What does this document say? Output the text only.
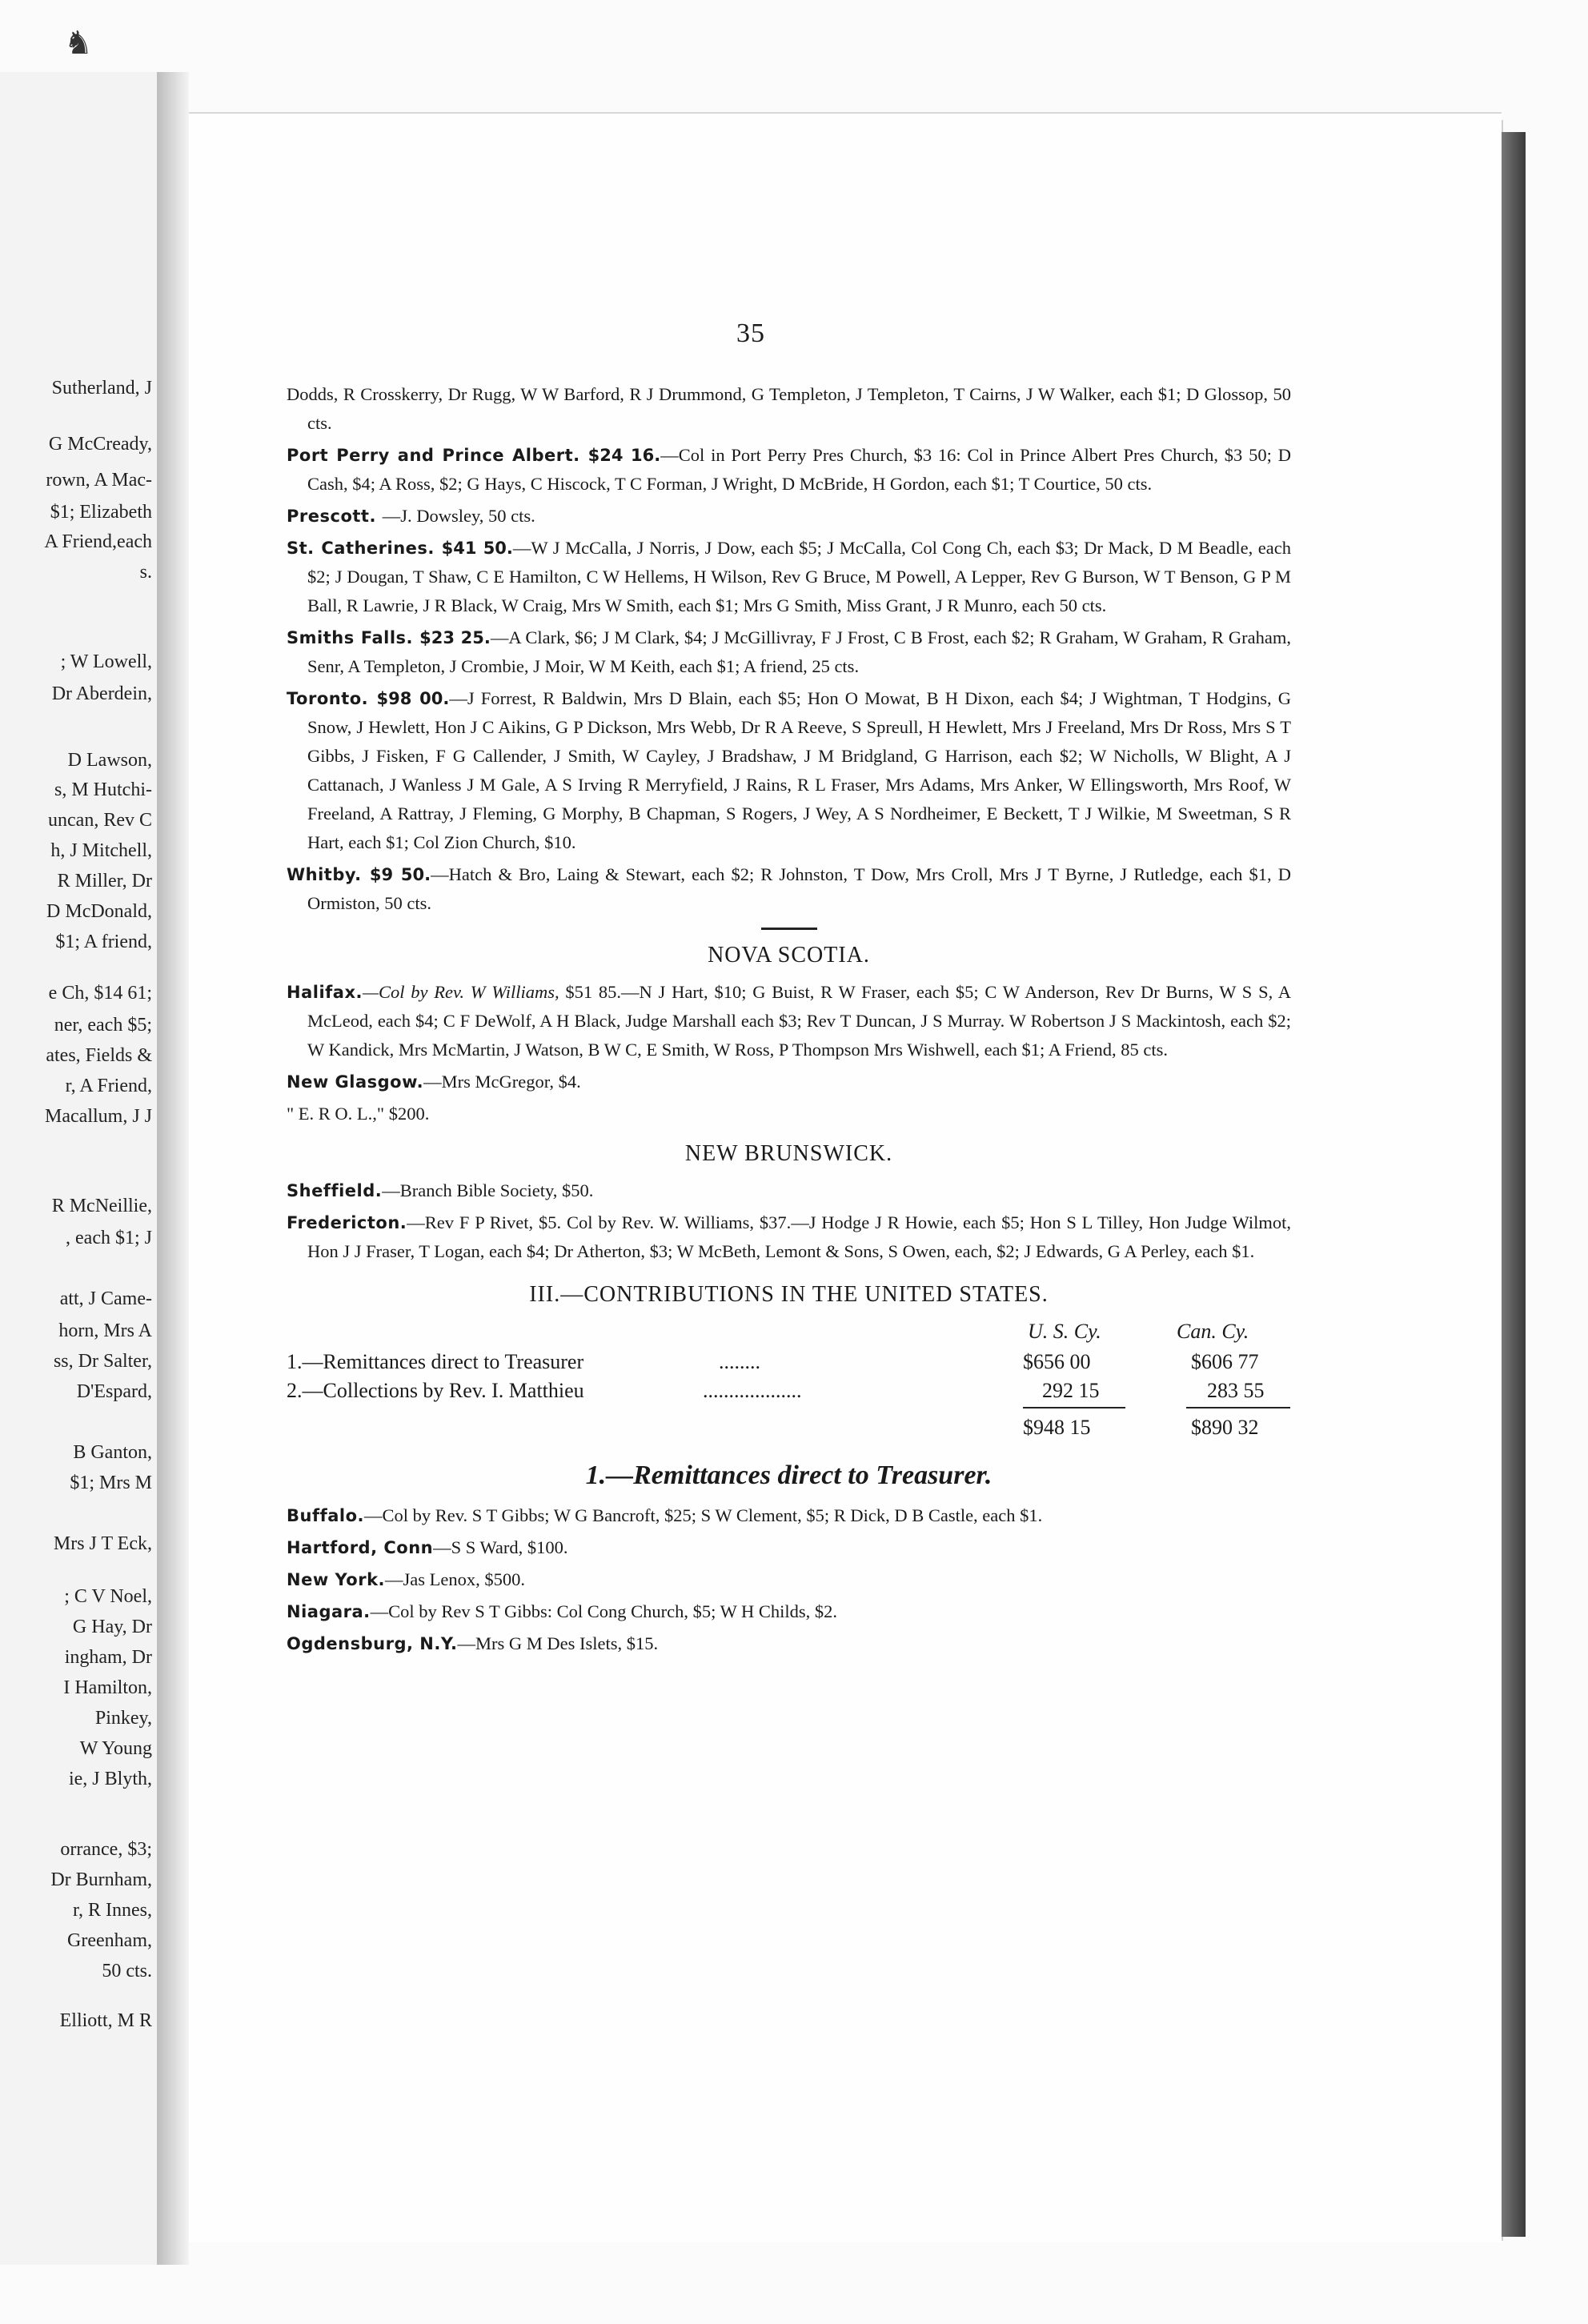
♞
Sutherland, J
G McCready,
rown, A Mac-
$1; Elizabeth
A Friend,each
s.
; W Lowell,
Dr Aberdein,
D Lawson,
s, M Hutchi-
uncan, Rev C
h, J Mitchell,
R Miller, Dr
D McDonald,
$1; A friend,
e Ch, $14 61;
ner, each $5;
ates, Fields &
r, A Friend,
Macallum, J J
R McNeillie,
, each $1; J
att, J Came-
horn, Mrs A
ss, Dr Salter,
D'Espard,
B Ganton,
$1; Mrs M
Mrs J T Eck,
; C V Noel,
G Hay, Dr
ingham, Dr
I Hamilton,
Pinkey,
W Young
ie, J Blyth,
orrance, $3;
Dr Burnham,
r, R Innes,
Greenham,
50 cts.
Elliott, M R
35

Dodds, R Crosskerry, Dr Rugg, W W Barford, R J Drummond, G Templeton, J Templeton, T Cairns, J W Walker, each $1; D Glossop, 50 cts.

Port Perry and Prince Albert. $24 16.—Col in Port Perry Pres Church, $3 16: Col in Prince Albert Pres Church, $3 50; D Cash, $4; A Ross, $2; G Hays, C Hiscock, T C Forman, J Wright, D McBride, H Gordon, each $1; T Courtice, 50 cts.

Prescott. —J. Dowsley, 50 cts.

St. Catherines. $41 50.—W J McCalla, J Norris, J Dow, each $5; J McCalla, Col Cong Ch, each $3; Dr Mack, D M Beadle, each $2; J Dougan, T Shaw, C E Hamilton, C W Hellems, H Wilson, Rev G Bruce, M Powell, A Lepper, Rev G Burson, W T Benson, G P M Ball, R Lawrie, J R Black, W Craig, Mrs W Smith, each $1; Mrs G Smith, Miss Grant, J R Munro, each 50 cts.

Smiths Falls. $23 25.—A Clark, $6; J M Clark, $4; J McGillivray, F J Frost, C B Frost, each $2; R Graham, W Graham, R Graham, Senr, A Templeton, J Crombie, J Moir, W M Keith, each $1; A friend, 25 cts.

Toronto. $98 00.—J Forrest, R Baldwin, Mrs D Blain, each $5; Hon O Mowat, B H Dixon, each $4; J Wightman, T Hodgins, G Snow, J Hewlett, Hon J C Aikins, G P Dickson, Mrs Webb, Dr R A Reeve, S Spreull, H Hewlett, Mrs J Freeland, Mrs Dr Ross, Mrs S T Gibbs, J Fisken, F G Callender, J Smith, W Cayley, J Bradshaw, J M Bridgland, G Harrison, each $2; W Nicholls, W Blight, A J Cattanach, J Wanless J M Gale, A S Irving R Merryfield, J Rains, R L Fraser, Mrs Adams, Mrs Anker, W Ellingsworth, Mrs Roof, W Freeland, A Rattray, J Fleming, G Morphy, B Chapman, S Rogers, J Wey, A S Nordheimer, E Beckett, T J Wilkie, M Sweetman, S R Hart, each $1; Col Zion Church, $10.

Whitby. $9 50.—Hatch & Bro, Laing & Stewart, each $2; R Johnston, T Dow, Mrs Croll, Mrs J T Byrne, J Rutledge, each $1, D Ormiston, 50 cts.

NOVA SCOTIA.

Halifax.—Col by Rev. W Williams, $51 85.—N J Hart, $10; G Buist, R W Fraser, each $5; C W Anderson, Rev Dr Burns, W S S, A McLeod, each $4; C F DeWolf, A H Black, Judge Marshall each $3; Rev T Duncan, J S Murray. W Robertson J S Mackintosh, each $2; W Kandick, Mrs McMartin, J Watson, B W C, E Smith, W Ross, P Thompson Mrs Wishwell, each $1; A Friend, 85 cts.

New Glasgow.—Mrs McGregor, $4.

" E. R O. L.," $200.

NEW BRUNSWICK.

Sheffield.—Branch Bible Society, $50.

Fredericton.—Rev F P Rivet, $5. Col by Rev. W. Williams, $37.—J Hodge J R Howie, each $5; Hon S L Tilley, Hon Judge Wilmot, Hon J J Fraser, T Logan, each $4; Dr Atherton, $3; W McBeth, Lemont & Sons, S Owen, each, $2; J Edwards, G A Perley, each $1.

III.—CONTRIBUTIONS IN THE UNITED STATES.
U. S. Cy.	Can. Cy.
1.—Remittances direct to Treasurer	........	$656 00	$606 77
2.—Collections by Rev. I. Matthieu	...................	292 15	283 55
$948 15	$890 32
1.—Remittances direct to Treasurer.

Buffalo.—Col by Rev. S T Gibbs; W G Bancroft, $25; S W Clement, $5; R Dick, D B Castle, each $1.

Hartford, Conn—S S Ward, $100.

New York.—Jas Lenox, $500.

Niagara.—Col by Rev S T Gibbs: Col Cong Church, $5; W H Childs, $2.

Ogdensburg, N.Y.—Mrs G M Des Islets, $15.
